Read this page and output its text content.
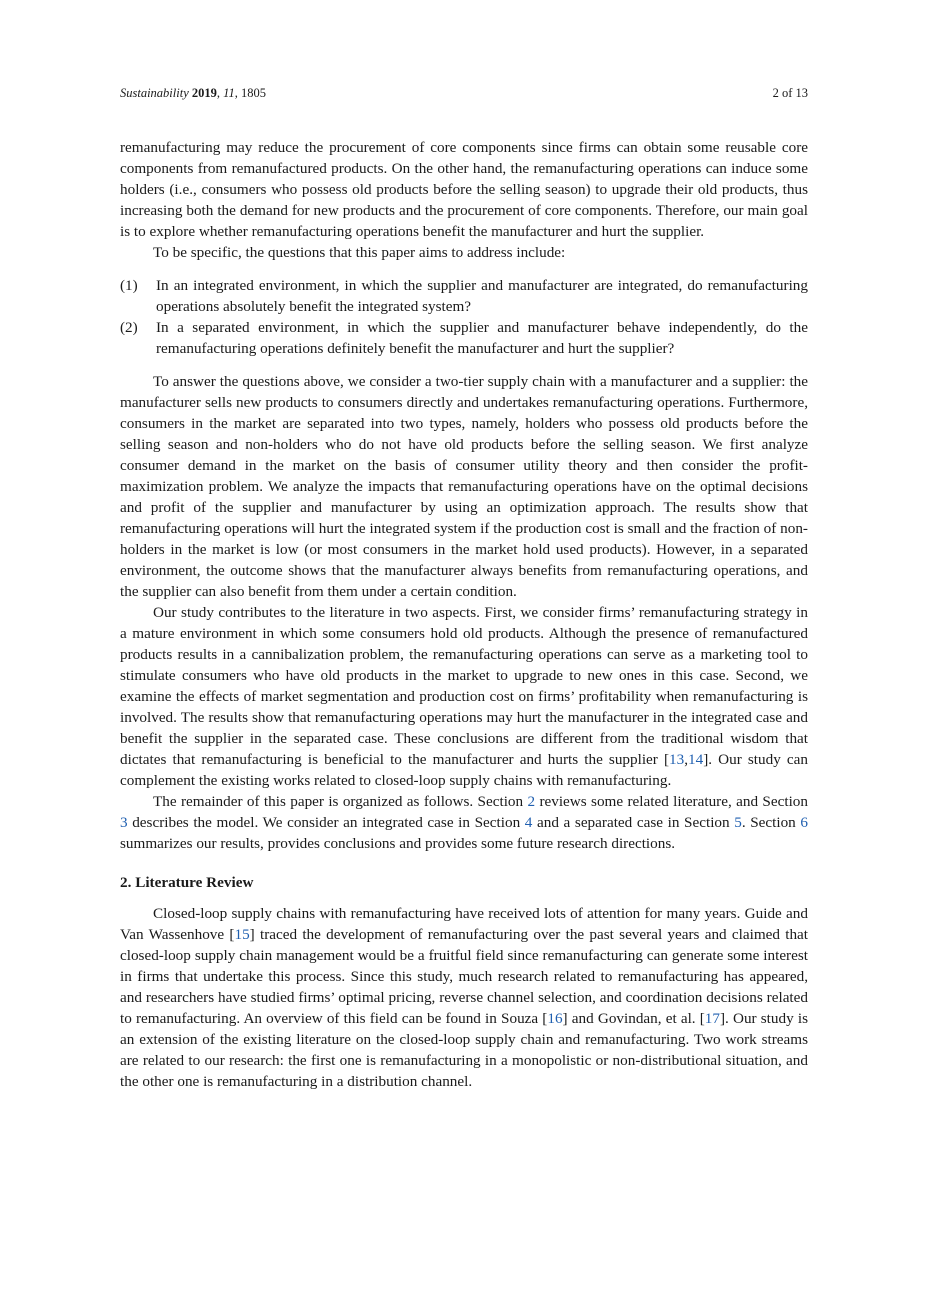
Sustainability 2019, 11, 1805	2 of 13

remanufacturing may reduce the procurement of core components since firms can obtain some reusable core components from remanufactured products. On the other hand, the remanufacturing operations can induce some holders (i.e., consumers who possess old products before the selling season) to upgrade their old products, thus increasing both the demand for new products and the procurement of core components. Therefore, our main goal is to explore whether remanufacturing operations benefit the manufacturer and hurt the supplier.

To be specific, the questions that this paper aims to address include:

(1)	In an integrated environment, in which the supplier and manufacturer are integrated, do remanufacturing operations absolutely benefit the integrated system?
(2)	In a separated environment, in which the supplier and manufacturer behave independently, do the remanufacturing operations definitely benefit the manufacturer and hurt the supplier?

To answer the questions above, we consider a two-tier supply chain with a manufacturer and a supplier: the manufacturer sells new products to consumers directly and undertakes remanufacturing operations. Furthermore, consumers in the market are separated into two types, namely, holders who possess old products before the selling season and non-holders who do not have old products before the selling season. We first analyze consumer demand in the market on the basis of consumer utility theory and then consider the profit-maximization problem. We analyze the impacts that remanufacturing operations have on the optimal decisions and profit of the supplier and manufacturer by using an optimization approach. The results show that remanufacturing operations will hurt the integrated system if the production cost is small and the fraction of non-holders in the market is low (or most consumers in the market hold used products). However, in a separated environment, the outcome shows that the manufacturer always benefits from remanufacturing operations, and the supplier can also benefit from them under a certain condition.

Our study contributes to the literature in two aspects. First, we consider firms’ remanufacturing strategy in a mature environment in which some consumers hold old products. Although the presence of remanufactured products results in a cannibalization problem, the remanufacturing operations can serve as a marketing tool to stimulate consumers who have old products in the market to upgrade to new ones in this case. Second, we examine the effects of market segmentation and production cost on firms’ profitability when remanufacturing is involved. The results show that remanufacturing operations may hurt the manufacturer in the integrated case and benefit the supplier in the separated case. These conclusions are different from the traditional wisdom that dictates that remanufacturing is beneficial to the manufacturer and hurts the supplier [13,14]. Our study can complement the existing works related to closed-loop supply chains with remanufacturing.

The remainder of this paper is organized as follows. Section 2 reviews some related literature, and Section 3 describes the model. We consider an integrated case in Section 4 and a separated case in Section 5. Section 6 summarizes our results, provides conclusions and provides some future research directions.

2. Literature Review

Closed-loop supply chains with remanufacturing have received lots of attention for many years. Guide and Van Wassenhove [15] traced the development of remanufacturing over the past several years and claimed that closed-loop supply chain management would be a fruitful field since remanufacturing can generate some interest in firms that undertake this process. Since this study, much research related to remanufacturing has appeared, and researchers have studied firms’ optimal pricing, reverse channel selection, and coordination decisions related to remanufacturing. An overview of this field can be found in Souza [16] and Govindan, et al. [17]. Our study is an extension of the existing literature on the closed-loop supply chain and remanufacturing. Two work streams are related to our research: the first one is remanufacturing in a monopolistic or non-distributional situation, and the other one is remanufacturing in a distribution channel.
